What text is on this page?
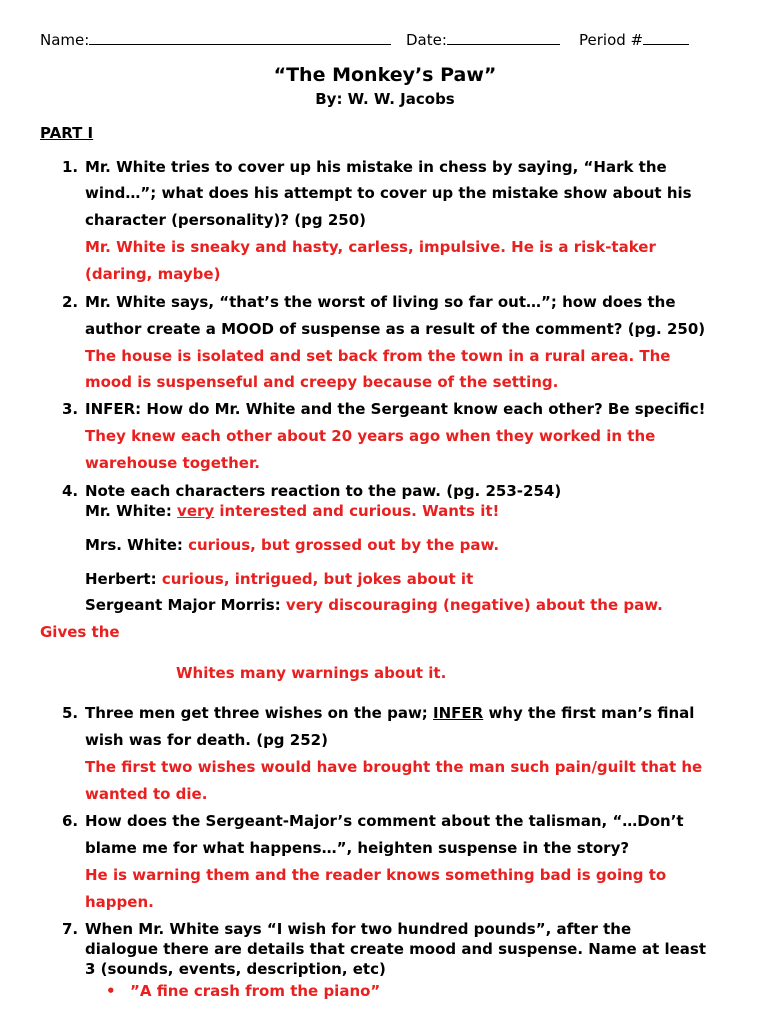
Name:	Date:	Period #
“The Monkey’s Paw”
By: W. W. Jacobs
PART I
1. Mr. White tries to cover up his mistake in chess by saying, “Hark the
wind…”; what does his attempt to cover up the mistake show about his
character (personality)? (pg 250)
Mr. White is sneaky and hasty, carless, impulsive. He is a risk-taker
(daring, maybe)
2. Mr. White says, “that’s the worst of living so far out…”; how does the
author create a MOOD of suspense as a result of the comment? (pg. 250)
The house is isolated and set back from the town in a rural area. The
mood is suspenseful and creepy because of the setting.
3. INFER: How do Mr. White and the Sergeant know each other? Be specific!
They knew each other about 20 years ago when they worked in the
warehouse together.
4. Note each characters reaction to the paw. (pg. 253-254)
Mr. White: very interested and curious. Wants it!
Mrs. White: curious, but grossed out by the paw.
Herbert: curious, intrigued, but jokes about it
Sergeant Major Morris: very discouraging (negative) about the paw.
Gives the
Whites many warnings about it.
5. Three men get three wishes on the paw; INFER why the first man’s final
wish was for death. (pg 252)
The first two wishes would have brought the man such pain/guilt that he
wanted to die.
6. How does the Sergeant-Major’s comment about the talisman, “…Don’t
blame me for what happens…”, heighten suspense in the story?
He is warning them and the reader knows something bad is going to
happen.
7. When Mr. White says “I wish for two hundred pounds”, after the
dialogue there are details that create mood and suspense. Name at least
3 (sounds, events, description, etc)
• ”A fine crash from the piano”
